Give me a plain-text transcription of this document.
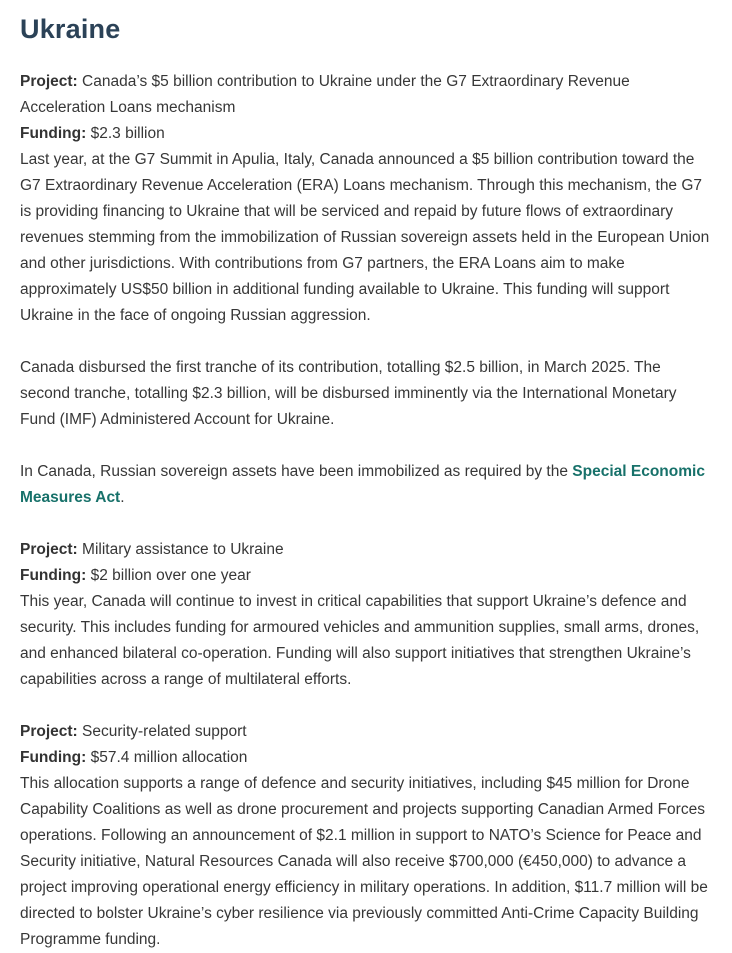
Ukraine

Project: Canada’s $5 billion contribution to Ukraine under the G7 Extraordinary Revenue Acceleration Loans mechanism
Funding: $2.3 billion
Last year, at the G7 Summit in Apulia, Italy, Canada announced a $5 billion contribution toward the G7 Extraordinary Revenue Acceleration (ERA) Loans mechanism. Through this mechanism, the G7 is providing financing to Ukraine that will be serviced and repaid by future flows of extraordinary revenues stemming from the immobilization of Russian sovereign assets held in the European Union and other jurisdictions. With contributions from G7 partners, the ERA Loans aim to make approximately US$50 billion in additional funding available to Ukraine. This funding will support Ukraine in the face of ongoing Russian aggression.

Canada disbursed the first tranche of its contribution, totalling $2.5 billion, in March 2025. The second tranche, totalling $2.3 billion, will be disbursed imminently via the International Monetary Fund (IMF) Administered Account for Ukraine.

In Canada, Russian sovereign assets have been immobilized as required by the Special Economic Measures Act.

Project: Military assistance to Ukraine
Funding: $2 billion over one year
This year, Canada will continue to invest in critical capabilities that support Ukraine’s defence and security. This includes funding for armoured vehicles and ammunition supplies, small arms, drones, and enhanced bilateral co-operation. Funding will also support initiatives that strengthen Ukraine’s capabilities across a range of multilateral efforts.

Project: Security-related support
Funding: $57.4 million allocation
This allocation supports a range of defence and security initiatives, including $45 million for Drone Capability Coalitions as well as drone procurement and projects supporting Canadian Armed Forces operations. Following an announcement of $2.1 million in support to NATO’s Science for Peace and Security initiative, Natural Resources Canada will also receive $700,000 (€450,000) to advance a project improving operational energy efficiency in military operations. In addition, $11.7 million will be directed to bolster Ukraine’s cyber resilience via previously committed Anti-Crime Capacity Building Programme funding.
